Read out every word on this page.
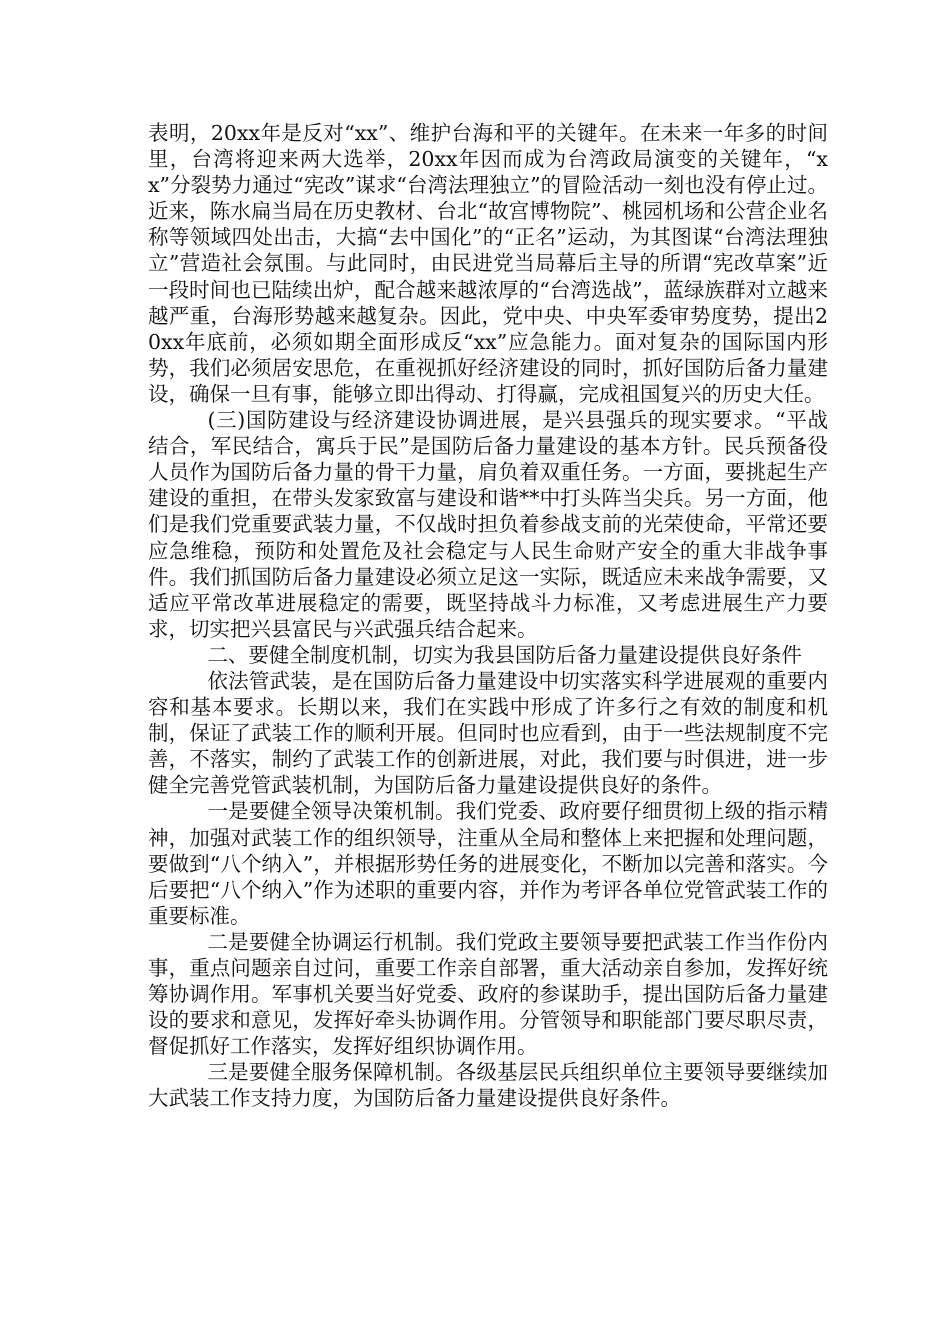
表明，20xx年是反对“xx”、维护台海和平的关键年。在未来一年多的时间里，台湾将迎来两大选举，20xx年因而成为台湾政局演变的关键年，“xx”分裂势力通过“宪改”谋求“台湾法理独立”的冒险活动一刻也没有停止过。近来，陈水扁当局在历史教材、台北“故宫博物院”、桃园机场和公营企业名称等领域四处出击，大搞“去中国化”的“正名”运动，为其图谋“台湾法理独立”营造社会氛围。与此同时，由民进党当局幕后主导的所谓“宪改草案”近一段时间也已陆续出炉，配合越来越浓厚的“台湾选战”，蓝绿族群对立越来越严重，台海形势越来越复杂。因此，党中央、中央军委审势度势，提出20xx年底前，必须如期全面形成反“xx”应急能力。面对复杂的国际国内形势，我们必须居安思危，在重视抓好经济建设的同时，抓好国防后备力量建设，确保一旦有事，能够立即出得动、打得赢，完成祖国复兴的历史大任。

(三)国防建设与经济建设协调进展，是兴县强兵的现实要求。“平战结合，军民结合，寓兵于民”是国防后备力量建设的基本方针。民兵预备役人员作为国防后备力量的骨干力量，肩负着双重任务。一方面，要挑起生产建设的重担，在带头发家致富与建设和谐**中打头阵当尖兵。另一方面，他们是我们党重要武装力量，不仅战时担负着参战支前的光荣使命，平常还要应急维稳，预防和处置危及社会稳定与人民生命财产安全的重大非战争事件。我们抓国防后备力量建设必须立足这一实际，既适应未来战争需要，又适应平常改革进展稳定的需要，既坚持战斗力标准，又考虑进展生产力要求，切实把兴县富民与兴武强兵结合起来。

二、要健全制度机制，切实为我县国防后备力量建设提供良好条件

依法管武装，是在国防后备力量建设中切实落实科学进展观的重要内容和基本要求。长期以来，我们在实践中形成了许多行之有效的制度和机制，保证了武装工作的顺利开展。但同时也应看到，由于一些法规制度不完善，不落实，制约了武装工作的创新进展，对此，我们要与时俱进，进一步健全完善党管武装机制，为国防后备力量建设提供良好的条件。

一是要健全领导决策机制。我们党委、政府要仔细贯彻上级的指示精神，加强对武装工作的组织领导，注重从全局和整体上来把握和处理问题，要做到“八个纳入”，并根据形势任务的进展变化，不断加以完善和落实。今后要把“八个纳入”作为述职的重要内容，并作为考评各单位党管武装工作的重要标准。

二是要健全协调运行机制。我们党政主要领导要把武装工作当作份内事，重点问题亲自过问，重要工作亲自部署，重大活动亲自参加，发挥好统筹协调作用。军事机关要当好党委、政府的参谋助手，提出国防后备力量建设的要求和意见，发挥好牵头协调作用。分管领导和职能部门要尽职尽责，督促抓好工作落实，发挥好组织协调作用。

三是要健全服务保障机制。各级基层民兵组织单位主要领导要继续加大武装工作支持力度，为国防后备力量建设提供良好条件。
